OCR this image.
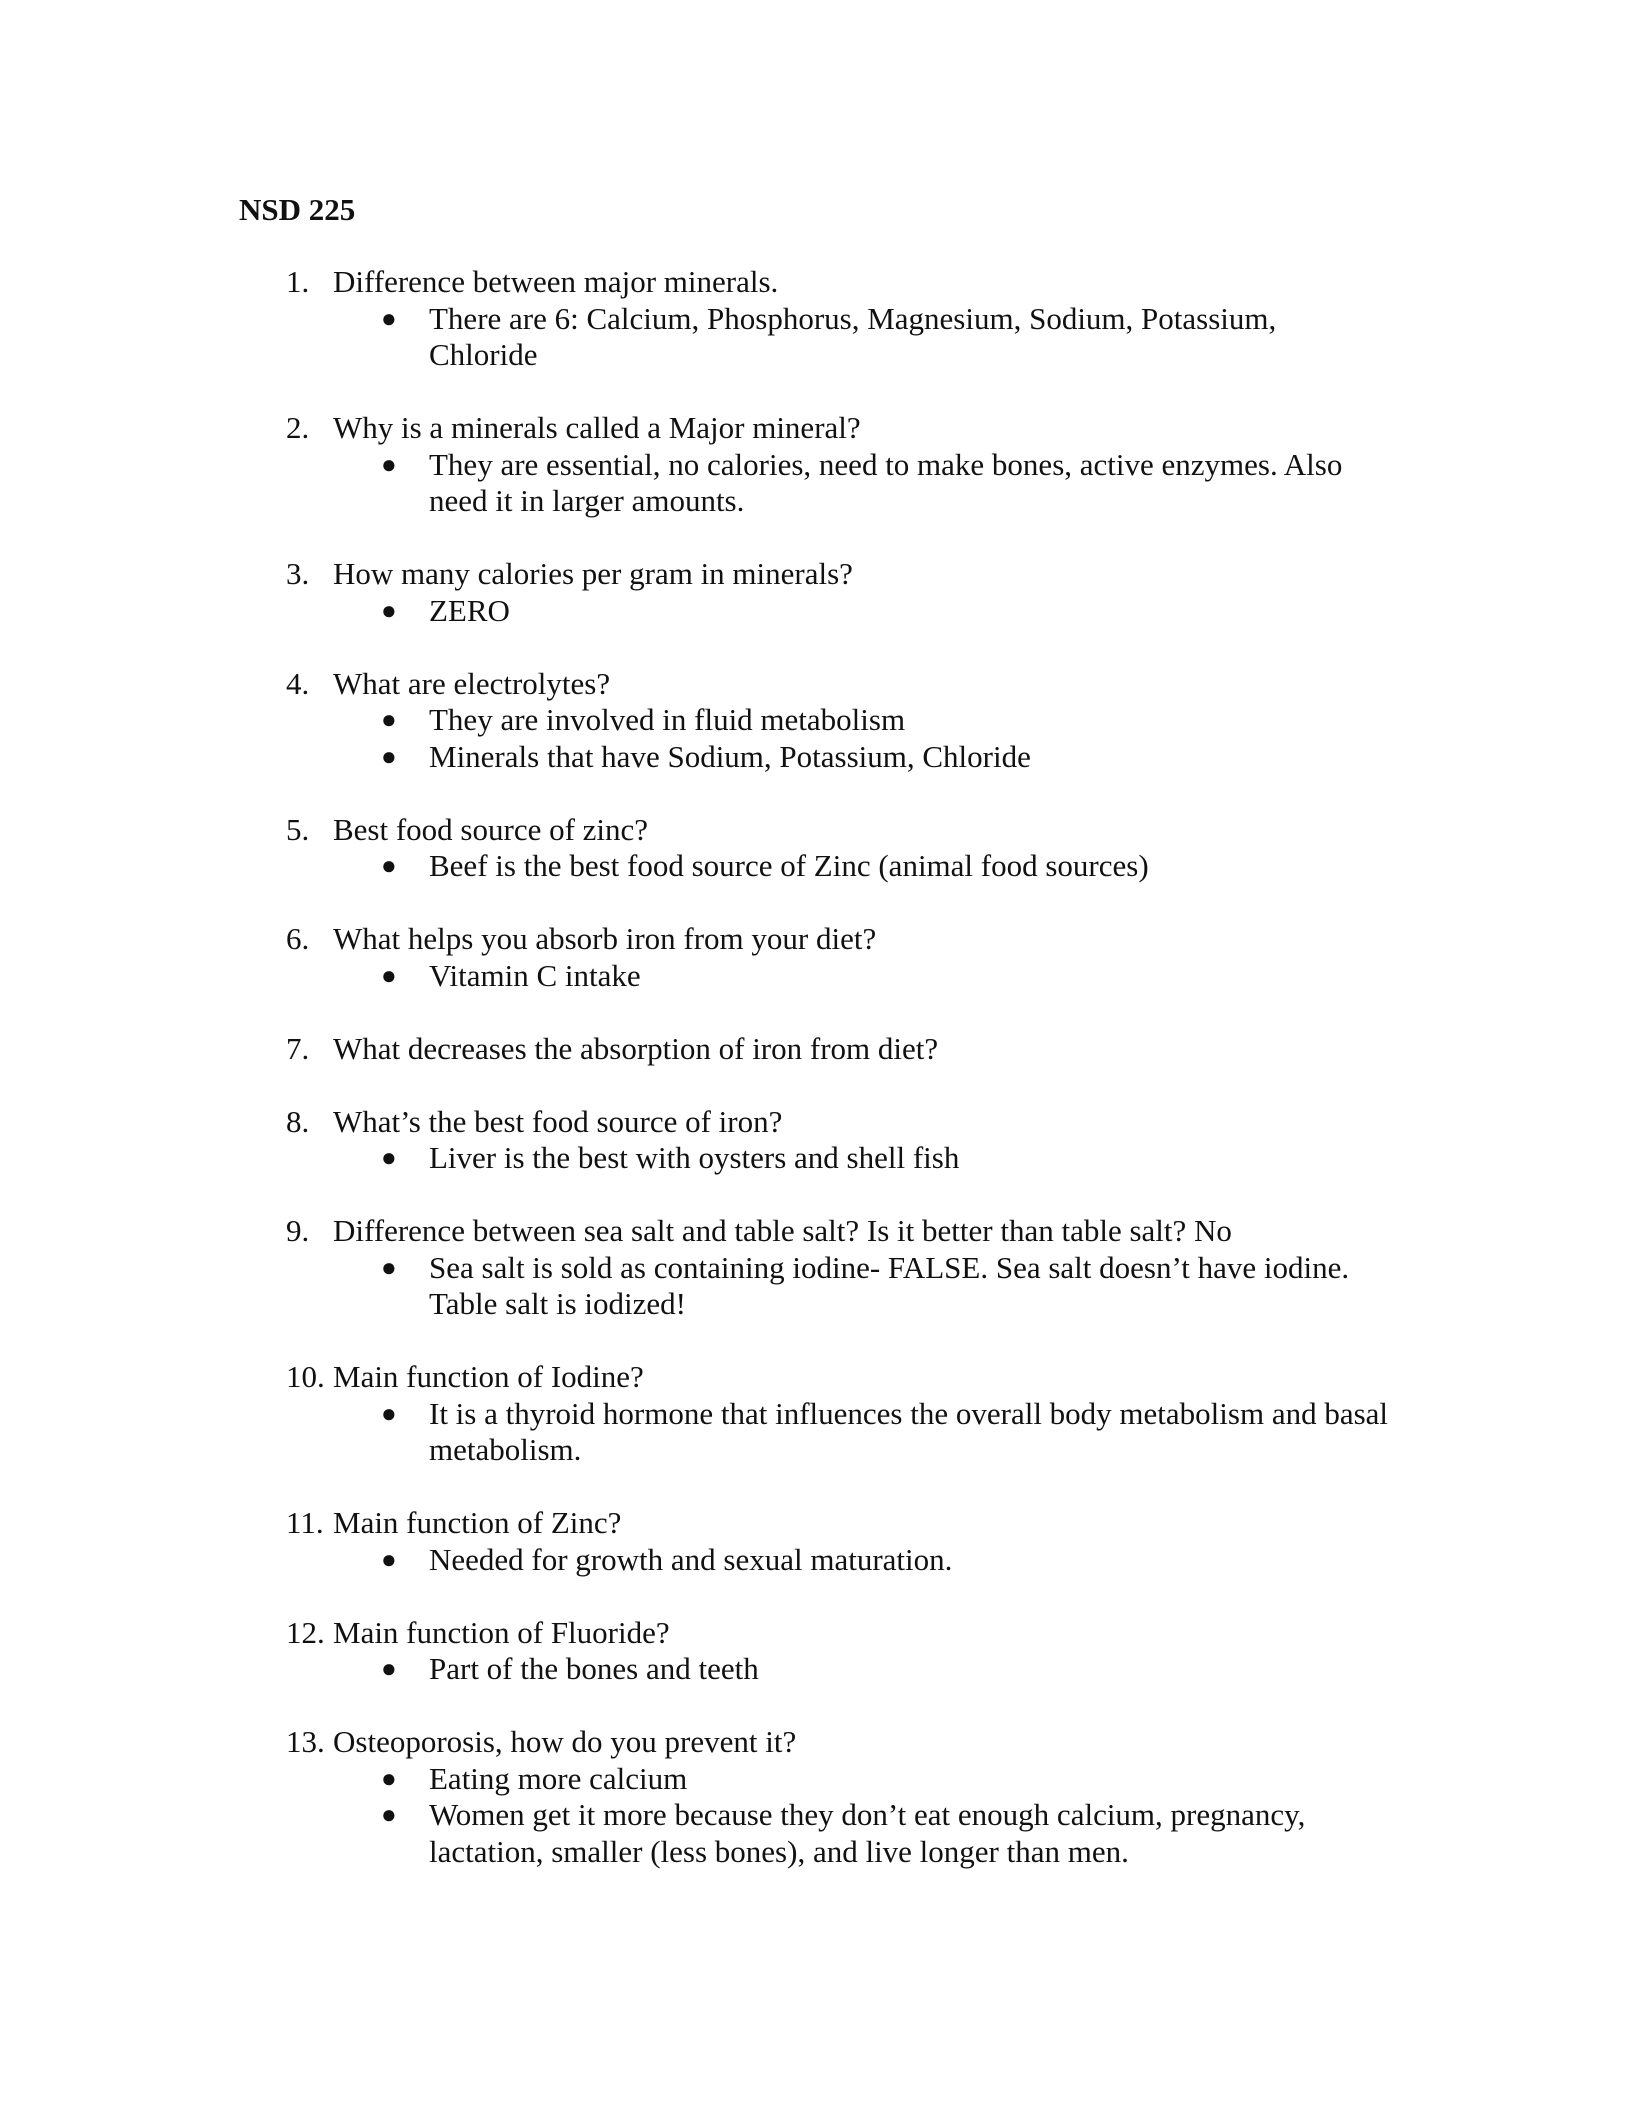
NSD 225
1. Difference between major minerals.
● There are 6: Calcium, Phosphorus, Magnesium, Sodium, Potassium, Chloride
2. Why is a minerals called a Major mineral?
● They are essential, no calories, need to make bones, active enzymes. Also need it in larger amounts.
3. How many calories per gram in minerals?
● ZERO
4. What are electrolytes?
● They are involved in fluid metabolism
● Minerals that have Sodium, Potassium, Chloride
5. Best food source of zinc?
● Beef is the best food source of Zinc (animal food sources)
6. What helps you absorb iron from your diet?
● Vitamin C intake
7. What decreases the absorption of iron from diet?
8. What’s the best food source of iron?
● Liver is the best with oysters and shell fish
9. Difference between sea salt and table salt? Is it better than table salt? No
● Sea salt is sold as containing iodine- FALSE. Sea salt doesn’t have iodine. Table salt is iodized!
10. Main function of Iodine?
● It is a thyroid hormone that influences the overall body metabolism and basal metabolism.
11. Main function of Zinc?
● Needed for growth and sexual maturation.
12. Main function of Fluoride?
● Part of the bones and teeth
13. Osteoporosis, how do you prevent it?
● Eating more calcium
● Women get it more because they don’t eat enough calcium, pregnancy, lactation, smaller (less bones), and live longer than men.
